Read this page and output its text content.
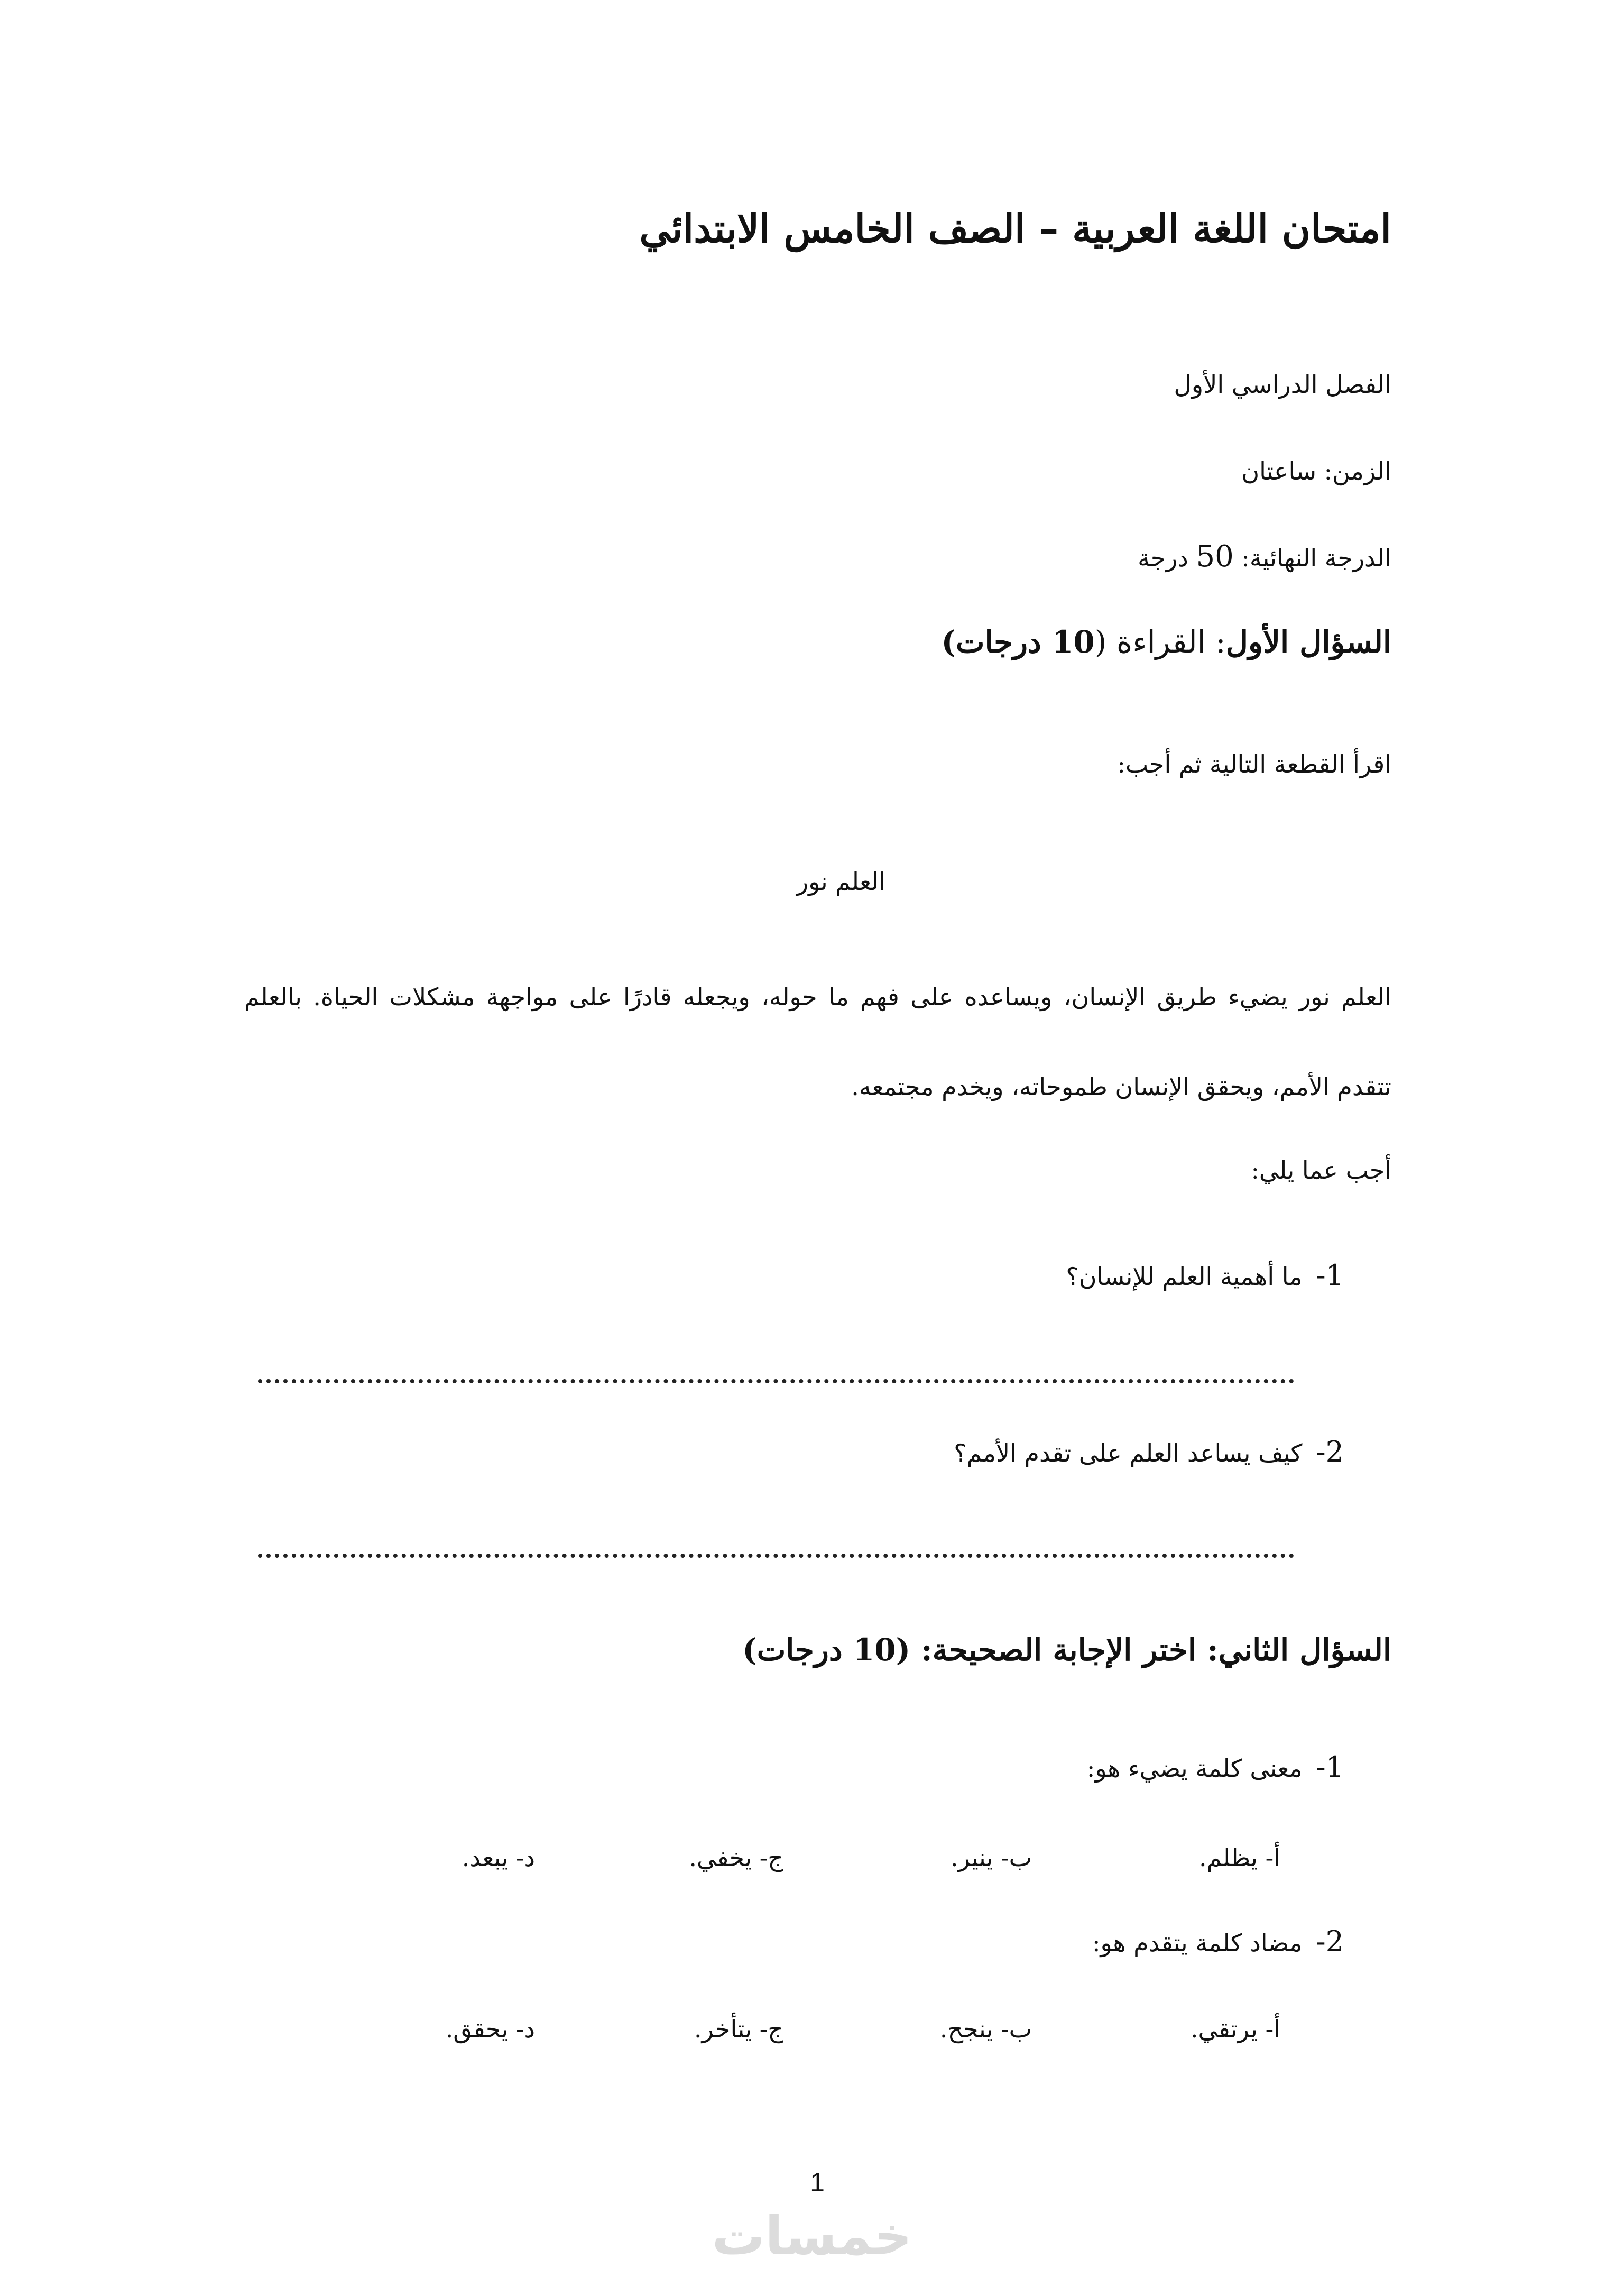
امتحان اللغة العربية – الصف الخامس الابتدائي
الفصل الدراسي الأول
الزمن: ساعتان
الدرجة النهائية: 50 درجة
السؤال الأول: القراءة (10 درجات)
اقرأ القطعة التالية ثم أجب:
العلم نور
العلم نور يضيء طريق الإنسان، ويساعده على فهم ما حوله، ويجعله قادرًا على مواجهة مشكلات الحياة. بالعلم تتقدم الأمم، ويحقق الإنسان طموحاته، ويخدم مجتمعه.
أجب عما يلي:
1-ما أهمية العلم للإنسان؟
2-كيف يساعد العلم على تقدم الأمم؟
السؤال الثاني: اختر الإجابة الصحيحة: (10 درجات)
1-معنى كلمة يضيء هو:
أ- يظلم.
ب- ينير.
ج- يخفي.
د- يبعد.
2-مضاد كلمة يتقدم هو:
أ- يرتقي.
ب- ينجح.
ج- يتأخر.
د- يحقق.
1
خمسات
